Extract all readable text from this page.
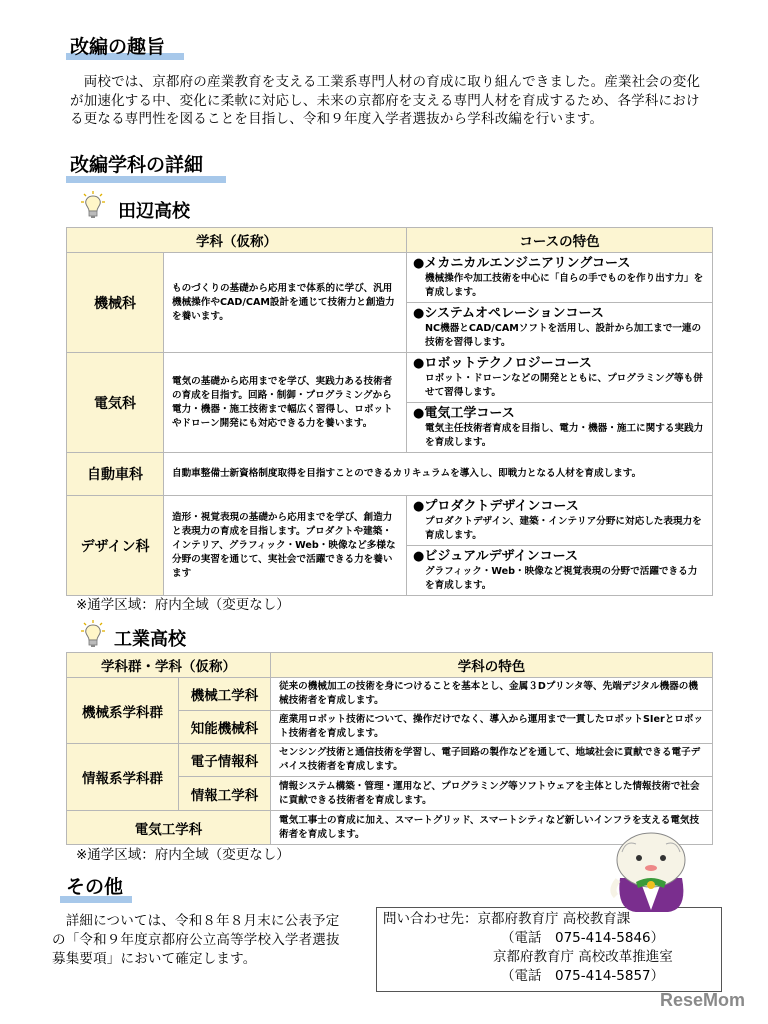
改編の趣旨
　両校では、京都府の産業教育を支える工業系専門人材の育成に取り組んできました。産業社会の変化が加速化する中、変化に柔軟に対応し、未来の京都府を支える専門人材を育成するため、各学科における更なる専門性を図ることを目指し、令和９年度入学者選抜から学科改編を行います。
改編学科の詳細
田辺高校
学科（仮称）		コースの特色
機械科	ものづくりの基礎から応用まで体系的に学び、汎用機械操作やCAD/CAM設計を通じて技術力と創造力を養います。	●メカニカルエンジニアリングコース
機械操作や加工技術を中心に「自らの手でものを作り出す力」を育成します。

		●システムオペレーションコース
NC機器とCAD/CAMソフトを活用し、設計から加工まで一連の技術を習得します。

電気科	電気の基礎から応用までを学び、実践力ある技術者の育成を目指す。回路・制御・プログラミングから電力・機器・施工技術まで幅広く習得し、ロボットやドローン開発にも対応できる力を養います。	●ロボットテクノロジーコース
ロボット・ドローンなどの開発とともに、プログラミング等も併せて習得します。

		●電気工学コース
電気主任技術者育成を目指し、電力・機器・施工に関する実践力を育成します。

自動車科	自動車整備士新資格制度取得を目指すことのできるカリキュラムを導入し、即戦力となる人材を育成します。	
デザイン科	造形・視覚表現の基礎から応用までを学び、創造力と表現力の育成を目指します。プロダクトや建築・インテリア、グラフィック・Web・映像など多様な分野の実習を通じて、実社会で活躍できる力を養います	●プロダクトデザインコース
プロダクトデザイン、建築・インテリア分野に対応した表現力を育成します。

		●ビジュアルデザインコース
グラフィック・Web・映像など視覚表現の分野で活躍できる力を育成します。
※通学区域：府内全域（変更なし）
工業高校
学科群・学科（仮称）		学科の特色
機械系学科群	機械工学科	従来の機械加工の技術を身につけることを基本とし、金属３Dプリンタ等、先端デジタル機器の機械技術者を育成します。
	知能機械科	産業用ロボット技術について、操作だけでなく、導入から運用まで一貫したロボットSIerとロボット技術者を育成します。
情報系学科群	電子情報科	センシング技術と通信技術を学習し、電子回路の製作などを通して、地域社会に貢献できる電子デバイス技術者を育成します。
	情報工学科	情報システム構築・管理・運用など、プログラミング等ソフトウェアを主体とした情報技術で社会に貢献できる技術者を育成します。
電気工学科		電気工事士の育成に加え、スマートグリッド、スマートシティなど新しいインフラを支える電気技術者を育成します。
※通学区域：府内全域（変更なし）
その他
　詳細については、令和８年８月末に公表予定の「令和９年度京都府公立高等学校入学者選抜募集要項」において確定します。
問い合わせ先：京都府教育庁 高校教育課
（電話　075-414-5846）
京都府教育庁 高校改革推進室
（電話　075-414-5857）
ReseMom
